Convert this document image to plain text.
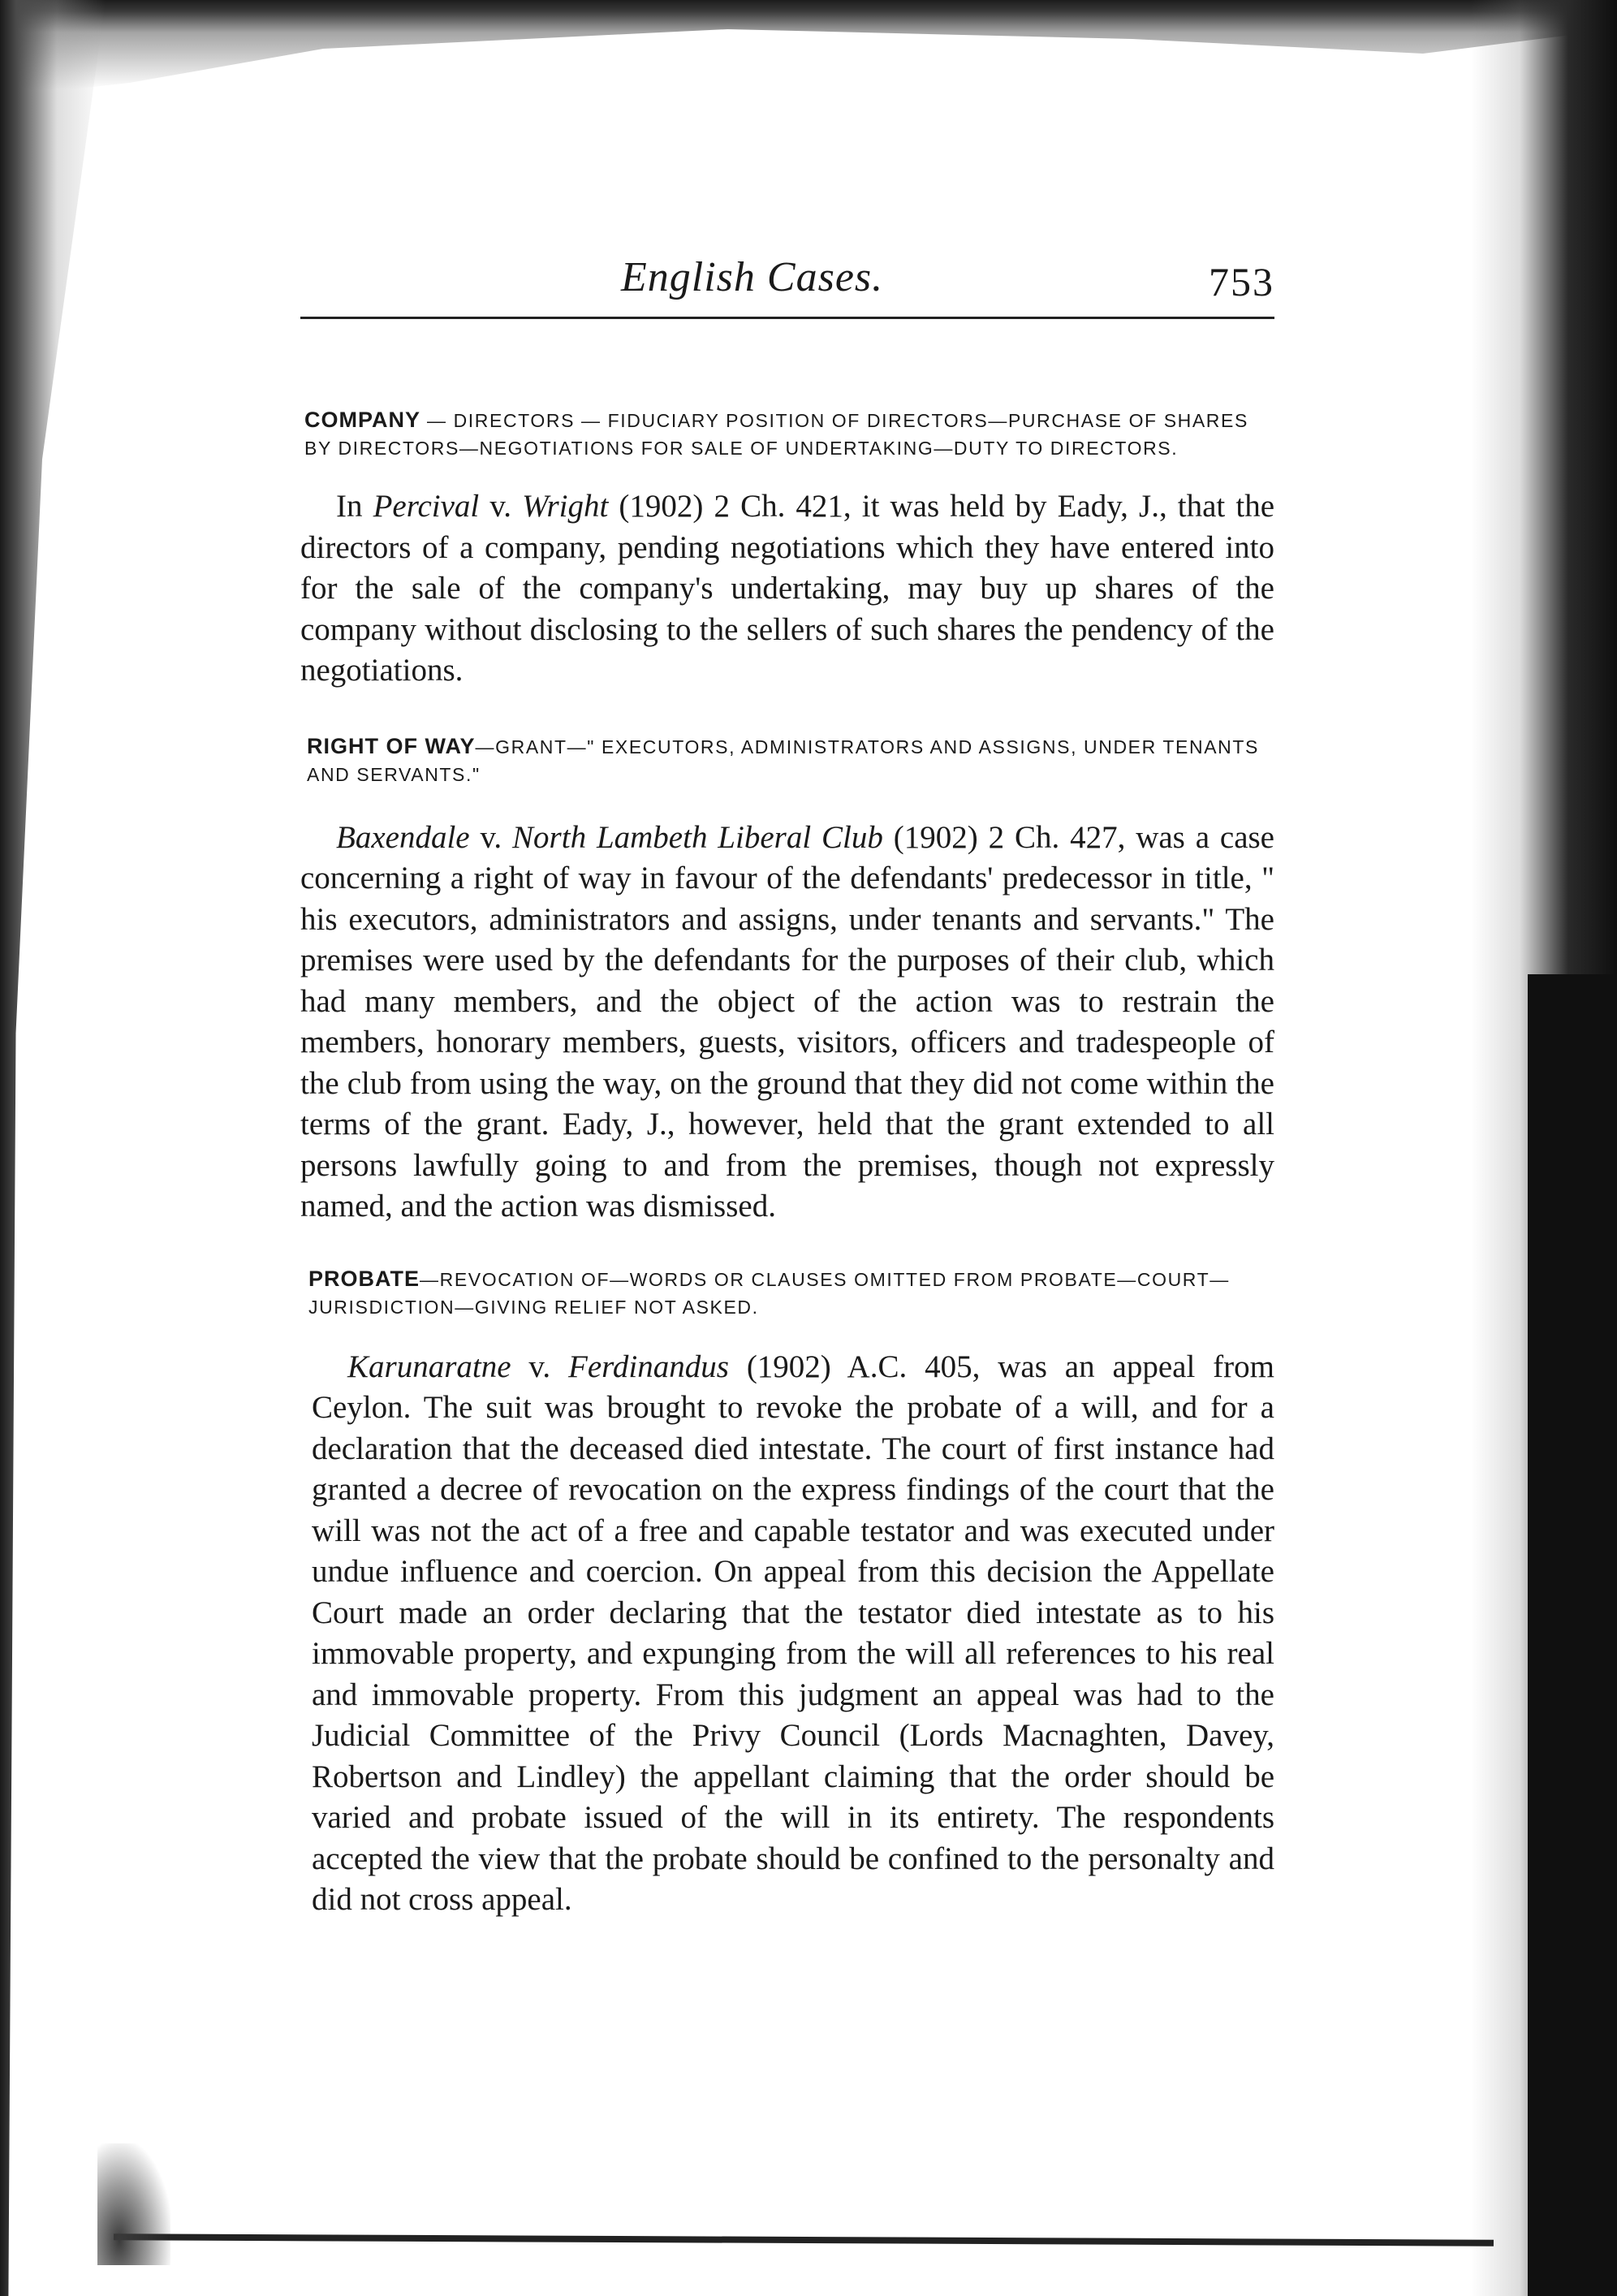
English Cases.	753

COMPANY — DIRECTORS — FIDUCIARY POSITION OF DIRECTORS—PURCHASE OF SHARES BY DIRECTORS—NEGOTIATIONS FOR SALE OF UNDERTAKING—DUTY TO DIRECTORS.

In Percival v. Wright (1902) 2 Ch. 421, it was held by Eady, J., that the directors of a company, pending negotiations which they have entered into for the sale of the company's undertaking, may buy up shares of the company without disclosing to the sellers of such shares the pendency of the negotiations.

RIGHT OF WAY—GRANT—" EXECUTORS, ADMINISTRATORS AND ASSIGNS, UNDER TENANTS AND SERVANTS."

Baxendale v. North Lambeth Liberal Club (1902) 2 Ch. 427, was a case concerning a right of way in favour of the defendants' predecessor in title, " his executors, administrators and assigns, under tenants and servants." The premises were used by the defendants for the purposes of their club, which had many members, and the object of the action was to restrain the members, honorary members, guests, visitors, officers and tradespeople of the club from using the way, on the ground that they did not come within the terms of the grant. Eady, J., however, held that the grant extended to all persons lawfully going to and from the premises, though not expressly named, and the action was dismissed.

PROBATE—REVOCATION OF—WORDS OR CLAUSES OMITTED FROM PROBATE—COURT—JURISDICTION—GIVING RELIEF NOT ASKED.

Karunaratne v. Ferdinandus (1902) A.C. 405, was an appeal from Ceylon. The suit was brought to revoke the probate of a will, and for a declaration that the deceased died intestate. The court of first instance had granted a decree of revocation on the express findings of the court that the will was not the act of a free and capable testator and was executed under undue influence and coercion. On appeal from this decision the Appellate Court made an order declaring that the testator died intestate as to his immovable property, and expunging from the will all references to his real and immovable property. From this judgment an appeal was had to the Judicial Committee of the Privy Council (Lords Macnaghten, Davey, Robertson and Lindley) the appellant claiming that the order should be varied and probate issued of the will in its entirety. The respondents accepted the view that the probate should be confined to the personalty and did not cross appeal.
